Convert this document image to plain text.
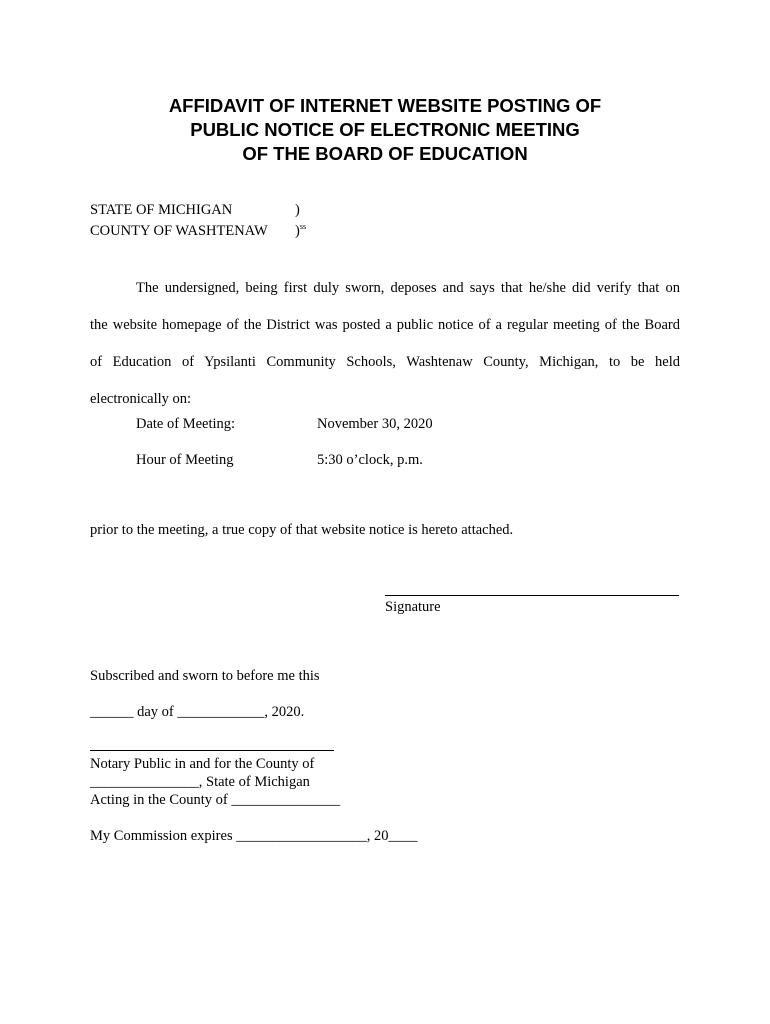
AFFIDAVIT OF INTERNET WEBSITE POSTING OF
PUBLIC NOTICE OF ELECTRONIC MEETING
OF THE BOARD OF EDUCATION
STATE OF MICHIGAN	)
COUNTY OF WASHTENAW )$^{ss}$
The undersigned, being first duly sworn, deposes and says that he/she did verify that on
the website homepage of the District was posted a public notice of a regular meeting of the Board
of Education of Ypsilanti Community Schools, Washtenaw County, Michigan, to be held
electronically on:
Date of Meeting:	November 30, 2020
Hour of Meeting	5:30 o’clock, p.m.
prior to the meeting, a true copy of that website notice is hereto attached.
Signature
Subscribed and sworn to before me this
______ day of ____________, 2020.
Notary Public in and for the County of
_______________, State of Michigan
Acting in the County of _______________
My Commission expires __________________, 20____
